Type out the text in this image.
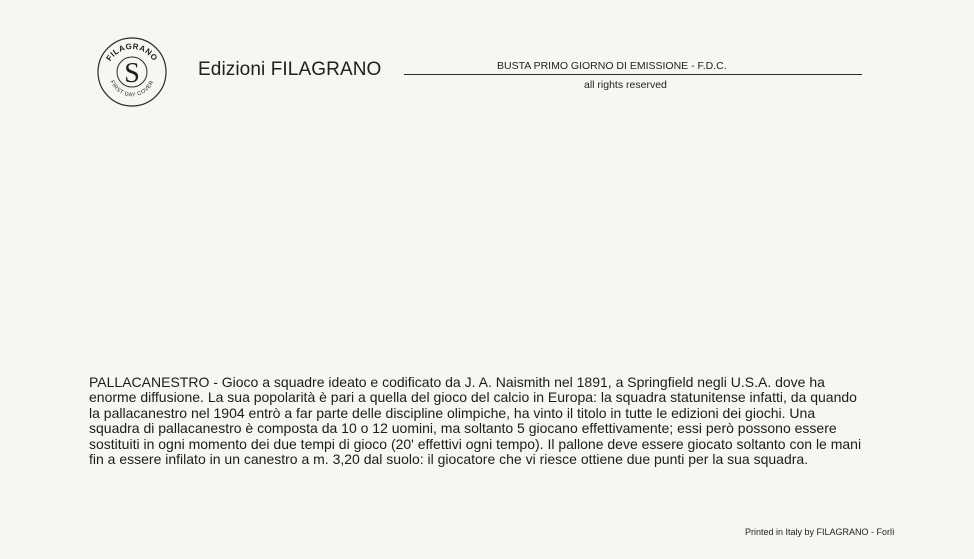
S
FILAGRANO
FIRST DAY COVER
Edizioni FILAGRANO	BUSTA PRIMO GIORNO DI EMISSIONE - F.D.C.
all rights reserved

PALLACANESTRO - Gioco a squadre ideato e codificato da J. A. Naismith nel 1891, a Springfield negli U.S.A. dove ha enorme diffusione. La sua popolarità è pari a quella del gioco del calcio in Europa: la squadra statunitense infatti, da quando la pallacanestro nel 1904 entrò a far parte delle discipline olimpiche, ha vinto il titolo in tutte le edizioni dei giochi. Una squadra di pallacanestro è composta da 10 o 12 uomini, ma soltanto 5 giocano effettivamente; essi però possono essere sostituiti in ogni momento dei due tempi di gioco (20' effettivi ogni tempo). Il pallone deve essere giocato soltanto con le mani fin a essere infilato in un canestro a m. 3,20 dal suolo: il giocatore che vi riesce ottiene due punti per la sua squadra.

Printed in Italy by FILAGRANO - Forlì
